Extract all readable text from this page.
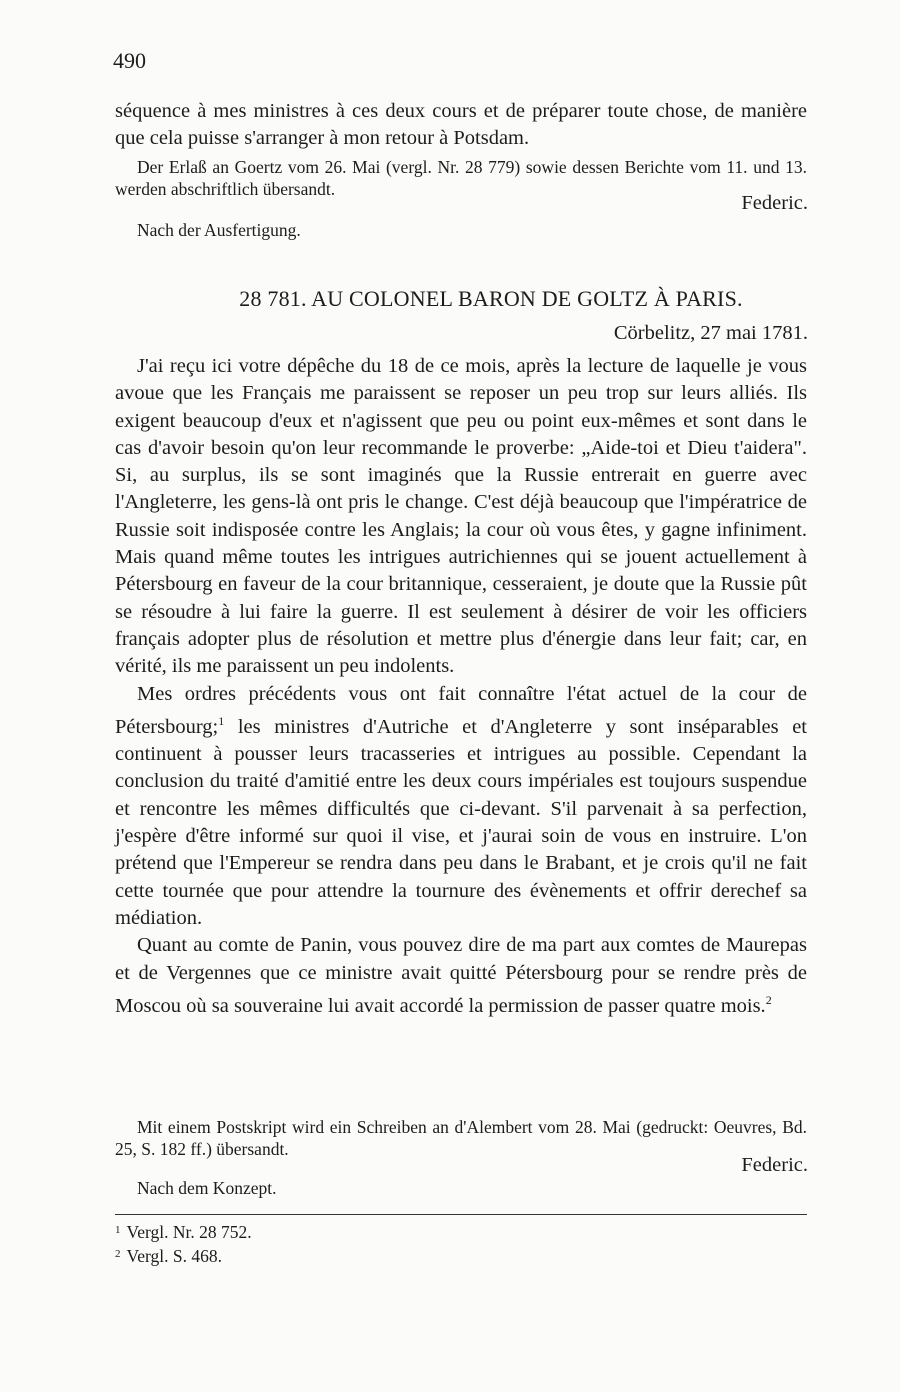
490

séquence à mes ministres à ces deux cours et de préparer toute chose, de manière que cela puisse s'arranger à mon retour à Potsdam.

Der Erlaß an Goertz vom 26. Mai (vergl. Nr. 28 779) sowie dessen Berichte vom 11. und 13. werden abschriftlich übersandt.

Federic.
Nach der Ausfertigung.
28 781. AU COLONEL BARON DE GOLTZ À PARIS.
Cörbelitz, 27 mai 1781.

J'ai reçu ici votre dépêche du 18 de ce mois, après la lecture de laquelle je vous avoue que les Français me paraissent se reposer un peu trop sur leurs alliés. Ils exigent beaucoup d'eux et n'agissent que peu ou point eux-mêmes et sont dans le cas d'avoir besoin qu'on leur recommande le proverbe: „Aide-toi et Dieu t'aidera". Si, au surplus, ils se sont imaginés que la Russie entrerait en guerre avec l'Angleterre, les gens-là ont pris le change. C'est déjà beaucoup que l'impératrice de Russie soit indisposée contre les Anglais; la cour où vous êtes, y gagne infiniment. Mais quand même toutes les intrigues autrichiennes qui se jouent actuellement à Pétersbourg en faveur de la cour britannique, cesseraient, je doute que la Russie pût se résoudre à lui faire la guerre. Il est seulement à désirer de voir les officiers français adopter plus de résolution et mettre plus d'énergie dans leur fait; car, en vérité, ils me paraissent un peu indolents.

Mes ordres précédents vous ont fait connaître l'état actuel de la cour de Pétersbourg;$^1$ les ministres d'Autriche et d'Angleterre y sont inséparables et continuent à pousser leurs tracasseries et intrigues au possible. Cependant la conclusion du traité d'amitié entre les deux cours impériales est toujours suspendue et rencontre les mêmes difficultés que ci-devant. S'il parvenait à sa perfection, j'espère d'être informé sur quoi il vise, et j'aurai soin de vous en instruire. L'on prétend que l'Empereur se rendra dans peu dans le Brabant, et je crois qu'il ne fait cette tournée que pour attendre la tournure des évènements et offrir derechef sa médiation.

Quant au comte de Panin, vous pouvez dire de ma part aux comtes de Maurepas et de Vergennes que ce ministre avait quitté Pétersbourg pour se rendre près de Moscou où sa souveraine lui avait accordé la permission de passer quatre mois.$^2$

Mit einem Postskript wird ein Schreiben an d'Alembert vom 28. Mai (gedruckt: Oeuvres, Bd. 25, S. 182 ff.) übersandt.

Federic.
Nach dem Konzept.
$^1$ Vergl. Nr. 28 752.
$^2$ Vergl. S. 468.
